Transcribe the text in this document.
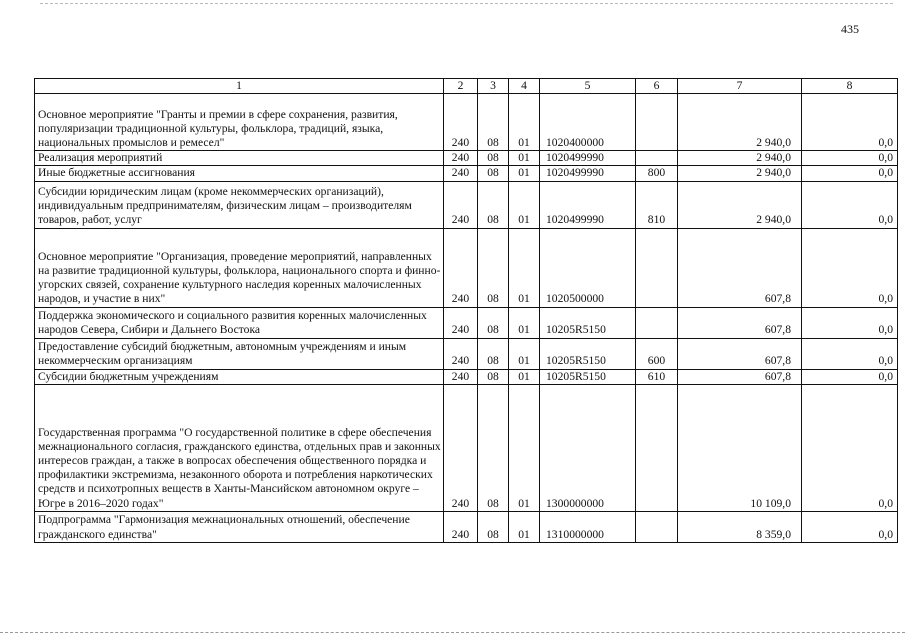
435
1	2	3	4	5	6	7	8
Основное мероприятие "Гранты и премии в сфере сохранения, развития, популяризации традиционной культуры, фольклора, традиций, языка, национальных промыслов и ремесел"	240	08	01	1020400000		2 940,0	0,0
Реализация мероприятий	240	08	01	1020499990		2 940,0	0,0
Иные бюджетные ассигнования	240	08	01	1020499990	800	2 940,0	0,0
Субсидии юридическим лицам (кроме некоммерческих организаций), индивидуальным предпринимателям, физическим лицам – производителям товаров, работ, услуг	240	08	01	1020499990	810	2 940,0	0,0
Основное мероприятие "Организация, проведение мероприятий, направленных на развитие традиционной культуры, фольклора, национального спорта и финно-угорских связей, сохранение культурного наследия коренных малочисленных народов, и участие в них"	240	08	01	1020500000		607,8	0,0
Поддержка экономического и социального развития коренных малочисленных народов Севера, Сибири и Дальнего Востока	240	08	01	10205R5150		607,8	0,0
Предоставление субсидий бюджетным, автономным учреждениям и иным некоммерческим организациям	240	08	01	10205R5150	600	607,8	0,0
Субсидии бюджетным учреждениям	240	08	01	10205R5150	610	607,8	0,0
Государственная программа "О государственной политике в сфере обеспечения межнационального согласия, гражданского единства, отдельных прав и законных интересов граждан, а также в вопросах обеспечения общественного порядка и профилактики экстремизма, незаконного оборота и потребления наркотических средств и психотропных веществ в Ханты-Мансийском автономном округе – Югре в 2016–2020 годах"	240	08	01	1300000000		10 109,0	0,0
Подпрограмма "Гармонизация межнациональных отношений, обеспечение гражданского единства"	240	08	01	1310000000		8 359,0	0,0
